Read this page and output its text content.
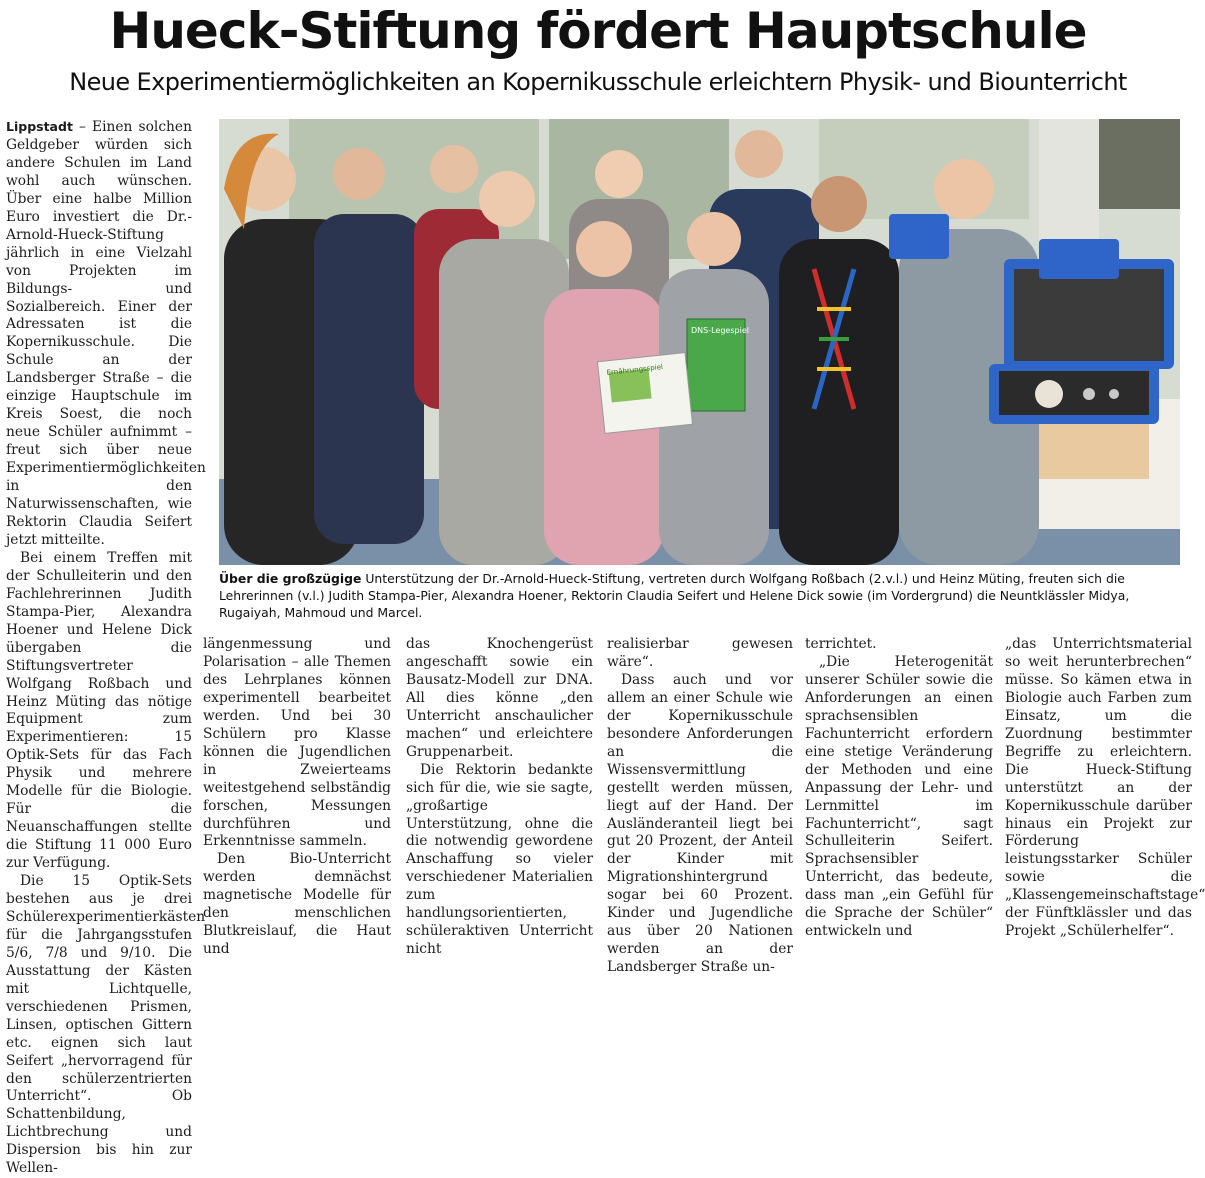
Hueck-Stiftung fördert Hauptschule
Neue Experimentiermöglichkeiten an Kopernikusschule erleichtern Physik- und Biounterricht

Lippstadt – Einen solchen Geldgeber würden sich andere Schulen im Land wohl auch wünschen. Über eine halbe Million Euro investiert die Dr.-Arnold-Hueck-Stiftung jährlich in eine Vielzahl von Projekten im Bildungs- und Sozialbereich. Einer der Adressaten ist die Kopernikusschule. Die Schule an der Landsberger Straße – die einzige Hauptschule im Kreis Soest, die noch neue Schüler aufnimmt – freut sich über neue Experimentiermöglichkeiten in den Naturwissenschaften, wie Rektorin Claudia Seifert jetzt mitteilte.

Bei einem Treffen mit der Schulleiterin und den Fachlehrerinnen Judith Stampa-Pier, Alexandra Hoener und Helene Dick übergaben die Stiftungsvertreter Wolfgang Roßbach und Heinz Müting das nötige Equipment zum Experimentieren: 15 Optik-Sets für das Fach Physik und mehrere Modelle für die Biologie. Für die Neuanschaffungen stellte die Stiftung 11 000 Euro zur Verfügung.

Die 15 Optik-Sets bestehen aus je drei Schülerexperimentierkästen für die Jahrgangsstufen 5/6, 7/8 und 9/10. Die Ausstattung der Kästen mit Lichtquelle, verschiedenen Prismen, Linsen, optischen Gittern etc. eignen sich laut Seifert „hervorragend für den schülerzentrierten Unterricht“. Ob Schattenbildung, Lichtbrechung und Dispersion bis hin zur Wellen-

DNS-Legespiel
Ernährungsspiel
Über die großzügige Unterstützung der Dr.-Arnold-Hueck-Stiftung, vertreten durch Wolfgang Roßbach (2.v.l.) und Heinz Müting, freuten sich die Lehrerinnen (v.l.) Judith Stampa-Pier, Alexandra Hoener, Rektorin Claudia Seifert und Helene Dick sowie (im Vordergrund) die Neuntklässler Midya, Rugaiyah, Mahmoud und Marcel.

längenmessung und Polarisation – alle Themen des Lehrplanes können experimentell bearbeitet werden. Und bei 30 Schülern pro Klasse können die Jugendlichen in Zweierteams weitestgehend selbständig forschen, Messungen durchführen und Erkenntnisse sammeln.

Den Bio-Unterricht werden demnächst magnetische Modelle für den menschlichen Blutkreislauf, die Haut und

das Knochengerüst angeschafft sowie ein Bausatz-Modell zur DNA. All dies könne „den Unterricht anschaulicher machen“ und erleichtere Gruppenarbeit.

Die Rektorin bedankte sich für die, wie sie sagte, „großartige Unterstützung, ohne die die notwendig gewordene Anschaffung so vieler verschiedener Materialien zum handlungsorientierten, schüleraktiven Unterricht nicht

realisierbar gewesen wäre“.

Dass auch und vor allem an einer Schule wie der Kopernikusschule besondere Anforderungen an die Wissensvermittlung gestellt werden müssen, liegt auf der Hand. Der Ausländeranteil liegt bei gut 20 Prozent, der Anteil der Kinder mit Migrationshintergrund sogar bei 60 Prozent. Kinder und Jugendliche aus über 20 Nationen werden an der Landsberger Straße un-

terrichtet.

„Die Heterogenität unserer Schüler sowie die Anforderungen an einen sprachsensiblen Fachunterricht erfordern eine stetige Veränderung der Methoden und eine Anpassung der Lehr- und Lernmittel im Fachunterricht“, sagt Schulleiterin Seifert. Sprachsensibler Unterricht, das bedeute, dass man „ein Gefühl für die Sprache der Schüler“ entwickeln und

„das Unterrichtsmaterial so weit herunterbrechen“ müsse. So kämen etwa in Biologie auch Farben zum Einsatz, um die Zuordnung bestimmter Begriffe zu erleichtern. Die Hueck-Stiftung unterstützt an der Kopernikusschule darüber hinaus ein Projekt zur Förderung leistungsstarker Schüler sowie die „Klassengemeinschaftstage“ der Fünftklässler und das Projekt „Schülerhelfer“.
